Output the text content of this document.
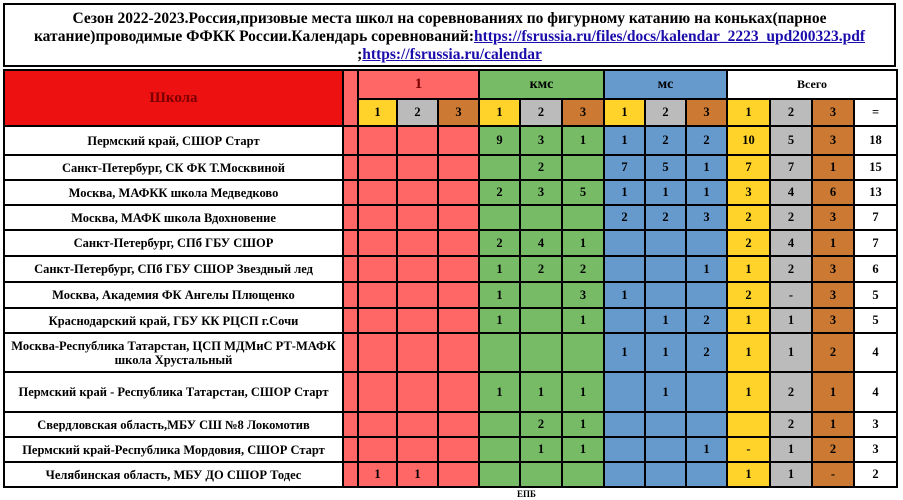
Сезон 2022-2023.Россия,призовые места школ на соревнованиях по фигурному катанию на коньках(парное катание)проводимые ФФКК России.Календарь соревнований:https://fsrussia.ru/files/docs/kalendar_2223_upd200323.pdf
;https://fsrussia.ru/calendar
Школа		1			кмс			мс			Всего			
		1	2	3	1	2	3	1	2	3	1	2	3	=
Пермский край, СШОР Старт					9	3	1	1	2	2	10	5	3	18
Санкт-Петербург, СК ФК Т.Москвиной						2		7	5	1	7	7	1	15
Москва, МАФКК школа Медведково					2	3	5	1	1	1	3	4	6	13
Москва, МАФК школа Вдохновение								2	2	3	2	2	3	7
Санкт-Петербург, СПб ГБУ СШОР					2	4	1				2	4	1	7
Санкт-Петербург, СПб ГБУ СШОР Звездный лед					1	2	2			1	1	2	3	6
Москва, Академия ФК Ангелы Плющенко					1		3	1			2	-	3	5
Краснодарский край, ГБУ КК РЦСП г.Сочи					1		1		1	2	1	1	3	5
Москва-Республика Татарстан, ЦСП МДМиС РТ-МАФК школа Хрустальный								1	1	2	1	1	2	4
Пермский край - Республика Татарстан, СШОР Старт					1	1	1		1		1	2	1	4
Свердловская область,МБУ СШ №8 Локомотив						2	1					2	1	3
Пермский край-Республика Мордовия, СШОР Старт						1	1			1	-	1	2	3
Челябинская область, МБУ ДО СШОР Тодес		1	1								1	1	-	2
ЕПБ
